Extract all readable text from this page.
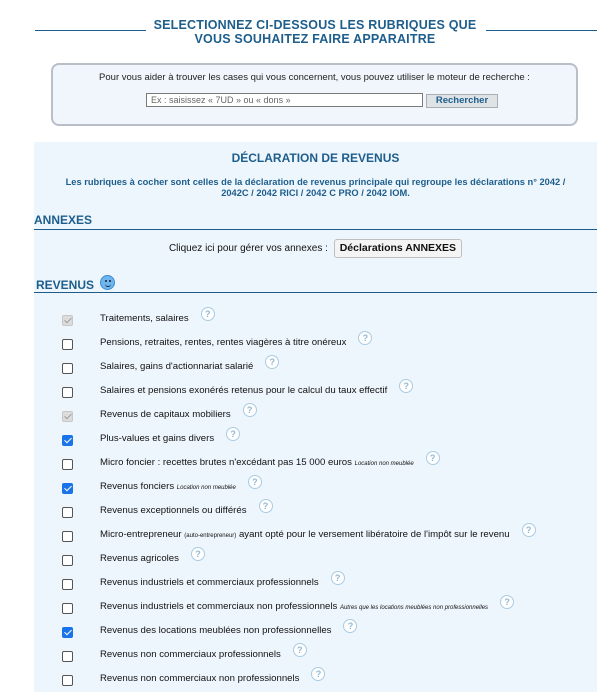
SELECTIONNEZ CI-DESSOUS LES RUBRIQUES QUE VOUS SOUHAITEZ FAIRE APPARAITRE
Pour vous aider à trouver les cases qui vous concernent, vous pouvez utiliser le moteur de recherche :
Ex : saisissez « 7UD » ou « dons »
Rechercher
DÉCLARATION DE REVENUS
Les rubriques à cocher sont celles de la déclaration de revenus principale qui regroupe les déclarations n° 2042 / 2042C / 2042 RICI / 2042 C PRO / 2042 IOM.
ANNEXES
Cliquez ici pour gérer vos annexes : Déclarations ANNEXES
REVENUS
Traitements, salaires ?
Pensions, retraites, rentes, rentes viagères à titre onéreux ?
Salaires, gains d'actionnariat salarié ?
Salaires et pensions exonérés retenus pour le calcul du taux effectif ?
Revenus de capitaux mobiliers ?
Plus-values et gains divers ?
Micro foncier : recettes brutes n'excédant pas 15 000 euros Location non meublée?
Revenus fonciers Location non meublée?
Revenus exceptionnels ou différés ?
Micro-entrepreneur (auto-entrepreneur) ayant opté pour le versement libératoire de l'impôt sur le revenu ?
Revenus agricoles ?
Revenus industriels et commerciaux professionnels ?
Revenus industriels et commerciaux non professionnels Autres que les locations meublées non professionnelles?
Revenus des locations meublées non professionnelles ?
Revenus non commerciaux professionnels ?
Revenus non commerciaux non professionnels ?
